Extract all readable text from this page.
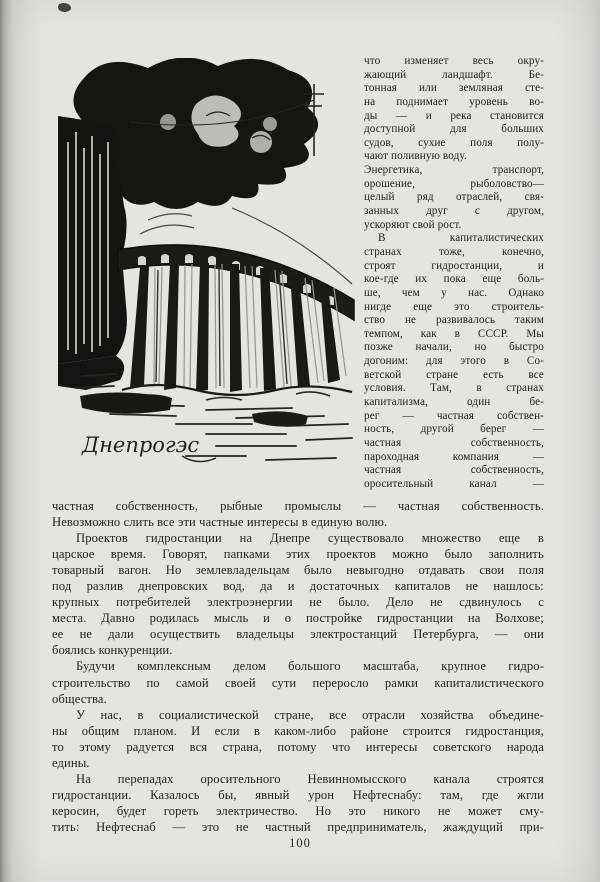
Днепрогэс
что изменяет весь окру-
жающий	ландшафт.	Бе-
тонная или земляная сте-
на поднимает уровень во-
ды — и река становится
доступной	для	больших
судов, сухие поля полу-
чают поливную воду.
Энергетика,	транспорт,
орошение,	рыболовство—
целый ряд отраслей, свя-
занных друг с другом,
ускоряют свой рост.
В	капиталистических
странах	тоже,	конечно,
строят	гидростанции,	и
кое-где их пока еще боль-
ше, чем у нас. Однако
нигде еще это строитель-
ство не развивалось таким
темпом, как в СССР. Мы
позже начали, но быстро
догоним: для этого в Со-
ветской стране есть все
условия. Там, в странах
капитализма,	один	бе-
рег — частная собствен-
ность, другой берег —
частная	собственность,
пароходная	компания	—
частная	собственность,
оросительный	канал	—
частная собственность, рыбные промыслы — частная собственность.
Невозможно слить все эти частные интересы в единую волю.
Проектов гидростанции на Днепре существовало множество еще в
царское время. Говорят, папками этих проектов можно было заполнить
товарный вагон. Но землевладельцам было невыгодно отдавать свои поля
под разлив днепровских вод, да и достаточных капиталов не нашлось:
крупных потребителей электроэнергии не было. Дело не сдвинулось с
места. Давно родилась мысль и о постройке гидростанции на Волхове;
ее не дали осуществить владельцы электростанций Петербурга, — они
боялись конкуренции.
Будучи комплексным делом большого масштаба, крупное гидро-
строительство по самой своей сути переросло рамки капиталистического
общества.
У нас, в социалистической стране, все отрасли хозяйства объедине-
ны общим планом. И если в каком-либо районе строится гидростанция,
то этому радуется вся страна, потому что интересы советского народа
едины.
На перепадах оросительного Невинномысского канала строятся
гидростанции. Казалось бы, явный урон Нефтеснабу: там, где жгли
керосин, будет гореть электричество. Но это никого не может сму-
тить: Нефтеснаб — это не частный предприниматель, жаждущий при-
100
